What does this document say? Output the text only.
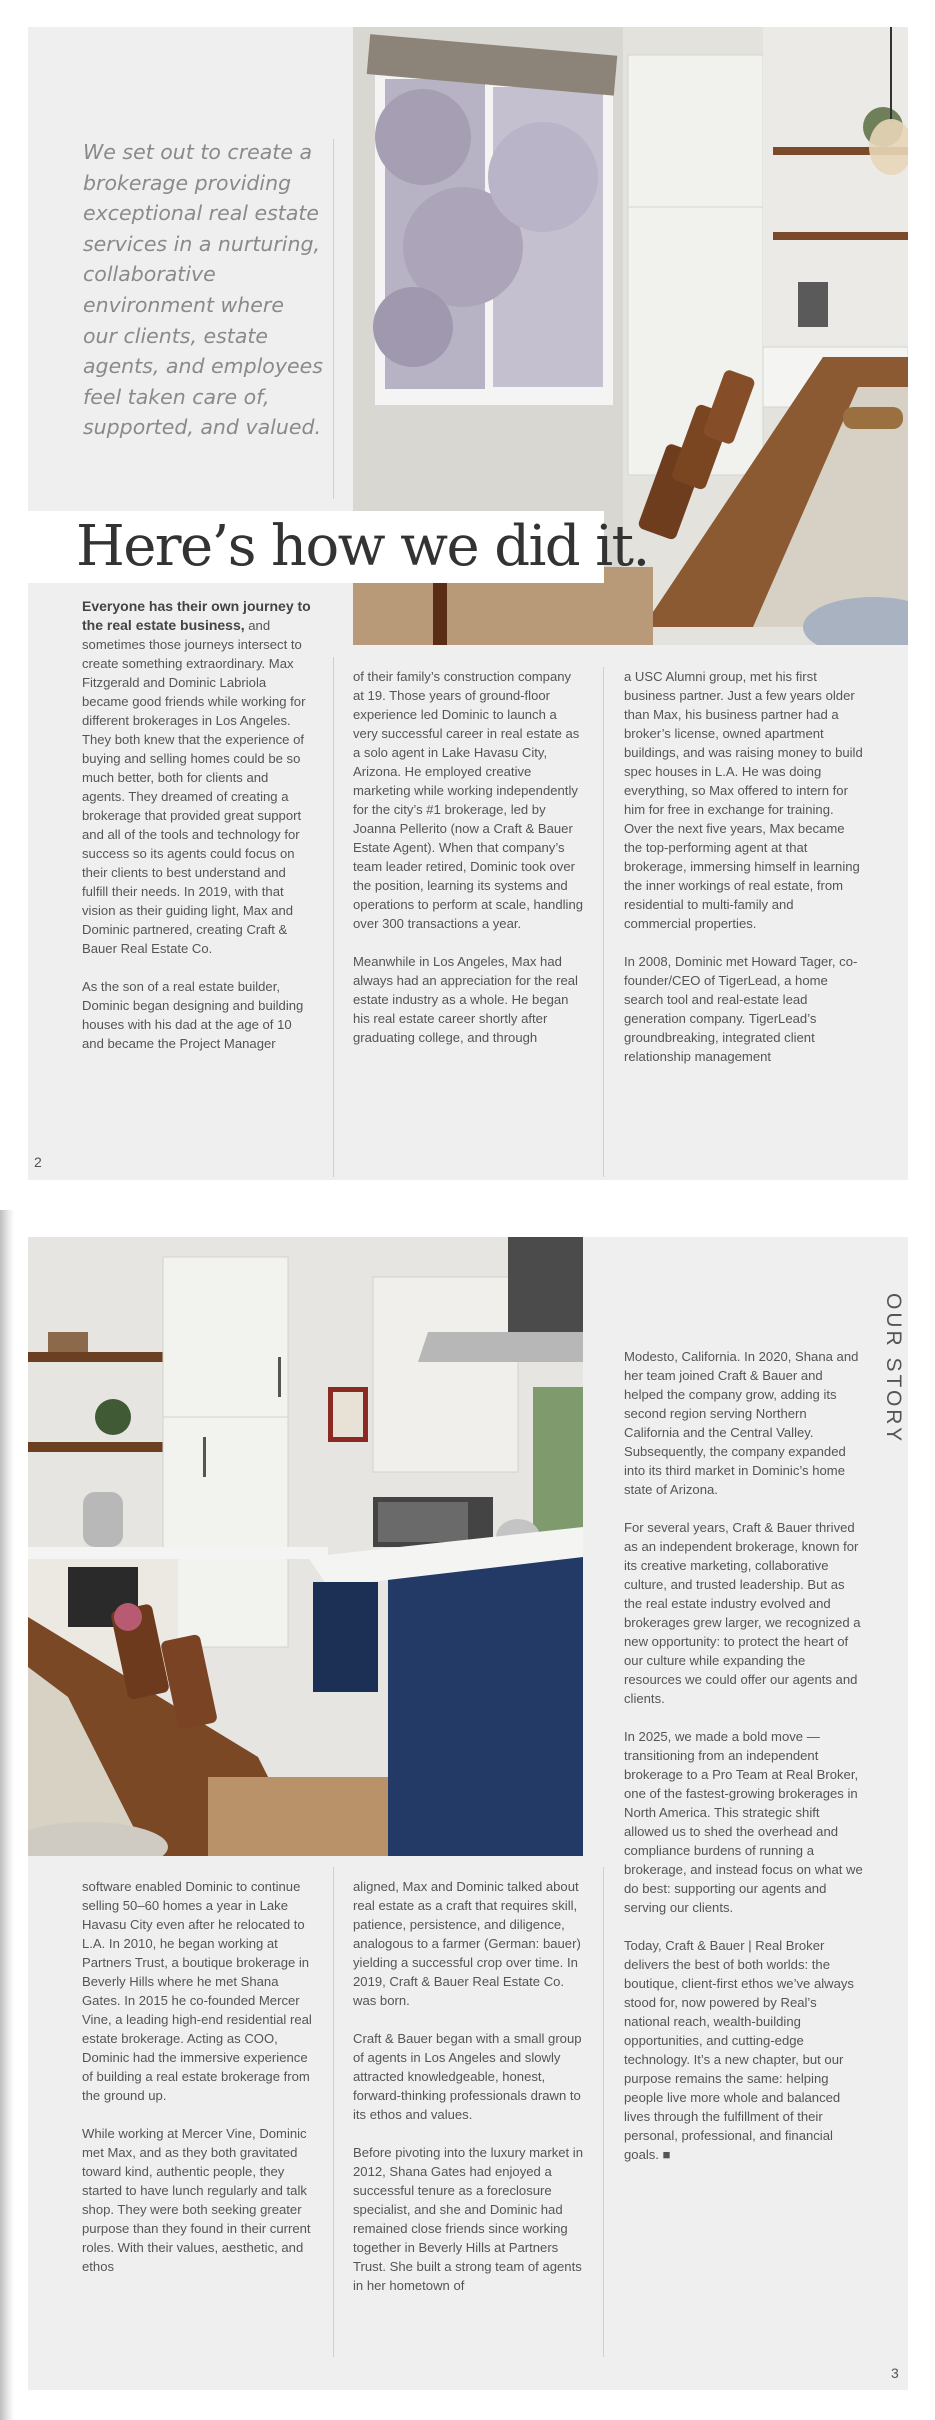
We set out to create a brokerage providing exceptional real estate services in a nurturing, collaborative environment where our clients, estate agents, and employees feel taken care of, supported, and valued.
Here’s how we did it.

Everyone has their own journey to the real estate business, and sometimes those journeys intersect to create something extraordinary. Max Fitzgerald and Dominic Labriola became good friends while working for different brokerages in Los Angeles. They both knew that the experience of buying and selling homes could be so much better, both for clients and agents. They dreamed of creating a brokerage that provided great support and all of the tools and technology for success so its agents could focus on their clients to best understand and fulfill their needs. In 2019, with that vision as their guiding light, Max and Dominic partnered, creating Craft & Bauer Real Estate Co.

As the son of a real estate builder, Dominic began designing and building houses with his dad at the age of 10 and became the Project Manager

of their family’s construction company at 19. Those years of ground-floor experience led Dominic to launch a very successful career in real estate as a solo agent in Lake Havasu City, Arizona. He employed creative marketing while working independently for the city’s #1 brokerage, led by Joanna Pellerito (now a Craft & Bauer Estate Agent). When that company’s team leader retired, Dominic took over the position, learning its systems and operations to perform at scale, handling over 300 transactions a year.

Meanwhile in Los Angeles, Max had always had an appreciation for the real estate industry as a whole. He began his real estate career shortly after graduating college, and through

a USC Alumni group, met his first business partner. Just a few years older than Max, his business partner had a broker’s license, owned apartment buildings, and was raising money to build spec houses in L.A. He was doing everything, so Max offered to intern for him for free in exchange for training. Over the next five years, Max became the top-performing agent at that brokerage, immersing himself in learning the inner workings of real estate, from residential to multi-family and commercial properties.

In 2008, Dominic met Howard Tager, co-founder/CEO of TigerLead, a home search tool and real-estate lead generation company. TigerLead’s groundbreaking, integrated client relationship management

2
OUR STORY

Modesto, California. In 2020, Shana and her team joined Craft & Bauer and helped the company grow, adding its second region serving Northern California and the Central Valley. Subsequently, the company expanded into its third market in Dominic’s home state of Arizona.

For several years, Craft & Bauer thrived as an independent brokerage, known for its creative marketing, collaborative culture, and trusted leadership. But as the real estate industry evolved and brokerages grew larger, we recognized a new opportunity: to protect the heart of our culture while expanding the resources we could offer our agents and clients.

In 2025, we made a bold move — transitioning from an independent brokerage to a Pro Team at Real Broker, one of the fastest-growing brokerages in North America. This strategic shift allowed us to shed the overhead and compliance burdens of running a brokerage, and instead focus on what we do best: supporting our agents and serving our clients.

Today, Craft & Bauer | Real Broker delivers the best of both worlds: the boutique, client-first ethos we’ve always stood for, now powered by Real’s national reach, wealth-building opportunities, and cutting-edge technology. It’s a new chapter, but our purpose remains the same: helping people live more whole and balanced lives through the fulfillment of their personal, professional, and financial goals. ■

software enabled Dominic to continue selling 50–60 homes a year in Lake Havasu City even after he relocated to L.A. In 2010, he began working at Partners Trust, a boutique brokerage in Beverly Hills where he met Shana Gates. In 2015 he co-founded Mercer Vine, a leading high-end residential real estate brokerage. Acting as COO, Dominic had the immersive experience of building a real estate brokerage from the ground up.

While working at Mercer Vine, Dominic met Max, and as they both gravitated toward kind, authentic people, they started to have lunch regularly and talk shop. They were both seeking greater purpose than they found in their current roles. With their values, aesthetic, and ethos

aligned, Max and Dominic talked about real estate as a craft that requires skill, patience, persistence, and diligence, analogous to a farmer (German: bauer) yielding a successful crop over time. In 2019, Craft & Bauer Real Estate Co. was born.

Craft & Bauer began with a small group of agents in Los Angeles and slowly attracted knowledgeable, honest, forward-thinking professionals drawn to its ethos and values.

Before pivoting into the luxury market in 2012, Shana Gates had enjoyed a successful tenure as a foreclosure specialist, and she and Dominic had remained close friends since working together in Beverly Hills at Partners Trust. She built a strong team of agents in her hometown of

3
